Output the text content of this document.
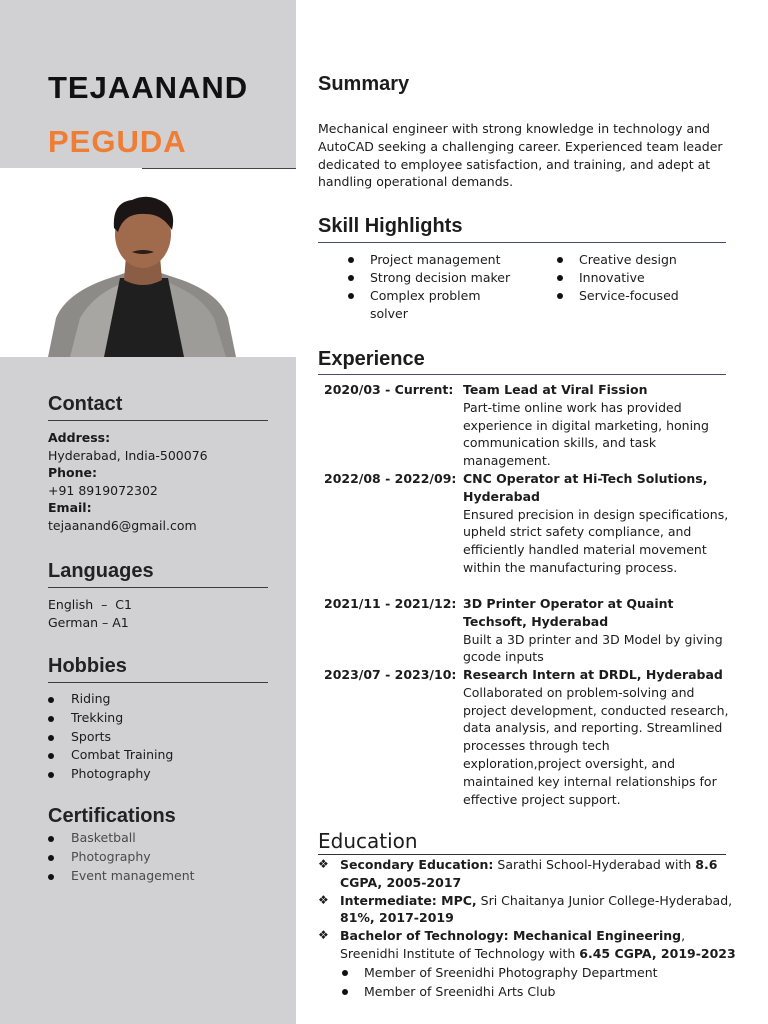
TEJAANAND
PEGUDA
Contact
Address:
Hyderabad, India-500076
Phone:
+91 8919072302
Email:
tejaanand6@gmail.com
Languages
English  –  C1
German – A1
Hobbies
Riding
Trekking
Sports
Combat Training
Photography
Certifications
Basketball
Photography
Event management
Summary
Mechanical engineer with strong knowledge in technology and AutoCAD seeking a challenging career. Experienced team leader dedicated to employee satisfaction, and training, and adept at handling operational demands.
Skill Highlights
Project management
Strong decision maker
Complex problem solver
Creative design
Innovative
Service-focused
Experience
2020/03 - Current: Team Lead at Viral Fission
Part-time online work has provided experience in digital marketing, honing communication skills, and task management.
2022/08 - 2022/09: CNC Operator at Hi-Tech Solutions, Hyderabad
Ensured precision in design specifications, upheld strict safety compliance, and efficiently handled material movement within the manufacturing process.
2021/11 - 2021/12: 3D Printer Operator at Quaint Techsoft, Hyderabad
Built a 3D printer and 3D Model by giving gcode inputs
2023/07 - 2023/10: Research Intern at DRDL, Hyderabad
Collaborated on problem-solving and project development, conducted research, data analysis, and reporting. Streamlined processes through tech exploration,project oversight, and maintained key internal relationships for effective project support.
Education
❖ Secondary Education: Sarathi School-Hyderabad with 8.6 CGPA, 2005-2017
❖ Intermediate: MPC, Sri Chaitanya Junior College-Hyderabad, 81%, 2017-2019
❖ Bachelor of Technology: Mechanical Engineering, Sreenidhi Institute of Technology with 6.45 CGPA, 2019-2023
Member of Sreenidhi Photography Department
Member of Sreenidhi Arts Club
